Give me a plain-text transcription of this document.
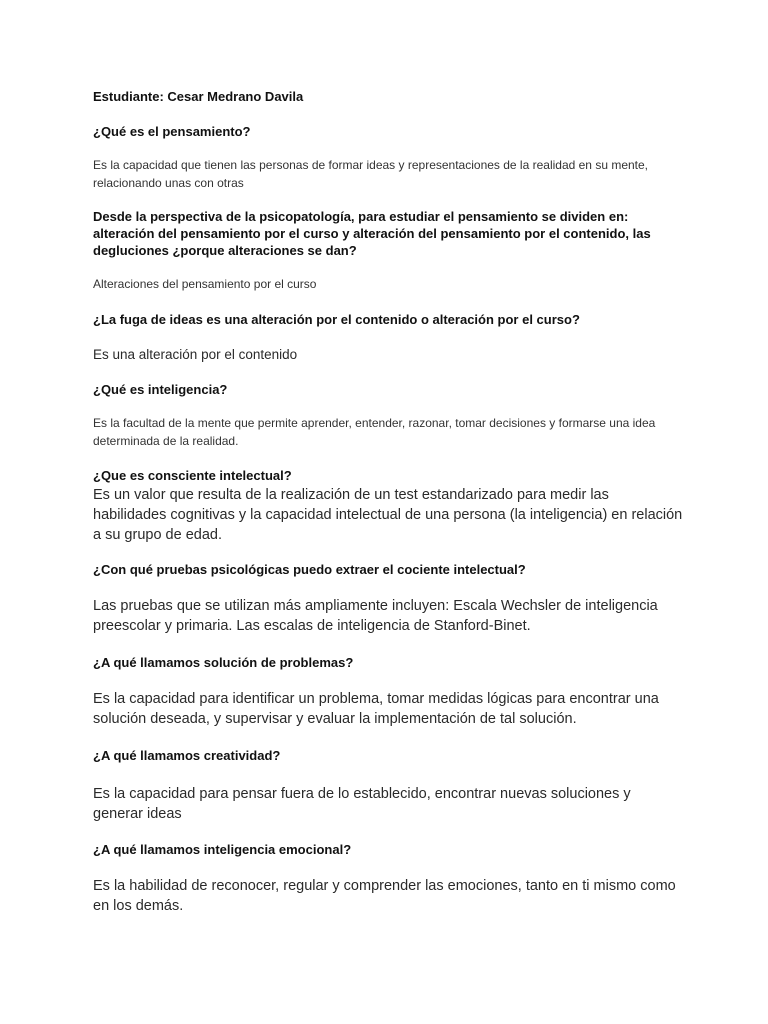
Estudiante: Cesar Medrano Davila

¿Qué es el pensamiento?

Es la capacidad que tienen las personas de formar ideas y representaciones de la realidad en su mente, relacionando unas con otras

Desde la perspectiva de la psicopatología, para estudiar el pensamiento se dividen en: alteración del pensamiento por el curso y alteración del pensamiento por el contenido, las degluciones ¿porque alteraciones se dan?

Alteraciones del pensamiento por el curso

¿La fuga de ideas es una alteración por el contenido o alteración por el curso?

Es una alteración por el contenido

¿Qué es inteligencia?

Es la facultad de la mente que permite aprender, entender, razonar, tomar decisiones y formarse una idea determinada de la realidad.

¿Que es consciente intelectual?

Es un valor que resulta de la realización de un test estandarizado para medir las habilidades cognitivas y la capacidad intelectual de una persona (la inteligencia) en relación a su grupo de edad.

¿Con qué pruebas psicológicas puedo extraer el cociente intelectual?

Las pruebas que se utilizan más ampliamente incluyen: Escala Wechsler de inteligencia preescolar y primaria. Las escalas de inteligencia de Stanford-Binet.

¿A qué llamamos solución de problemas?

Es la capacidad para identificar un problema, tomar medidas lógicas para encontrar una solución deseada, y supervisar y evaluar la implementación de tal solución.

¿A qué llamamos creatividad?

Es la capacidad para pensar fuera de lo establecido, encontrar nuevas soluciones y generar ideas

¿A qué llamamos inteligencia emocional?

Es la habilidad de reconocer, regular y comprender las emociones, tanto en ti mismo como en los demás.
